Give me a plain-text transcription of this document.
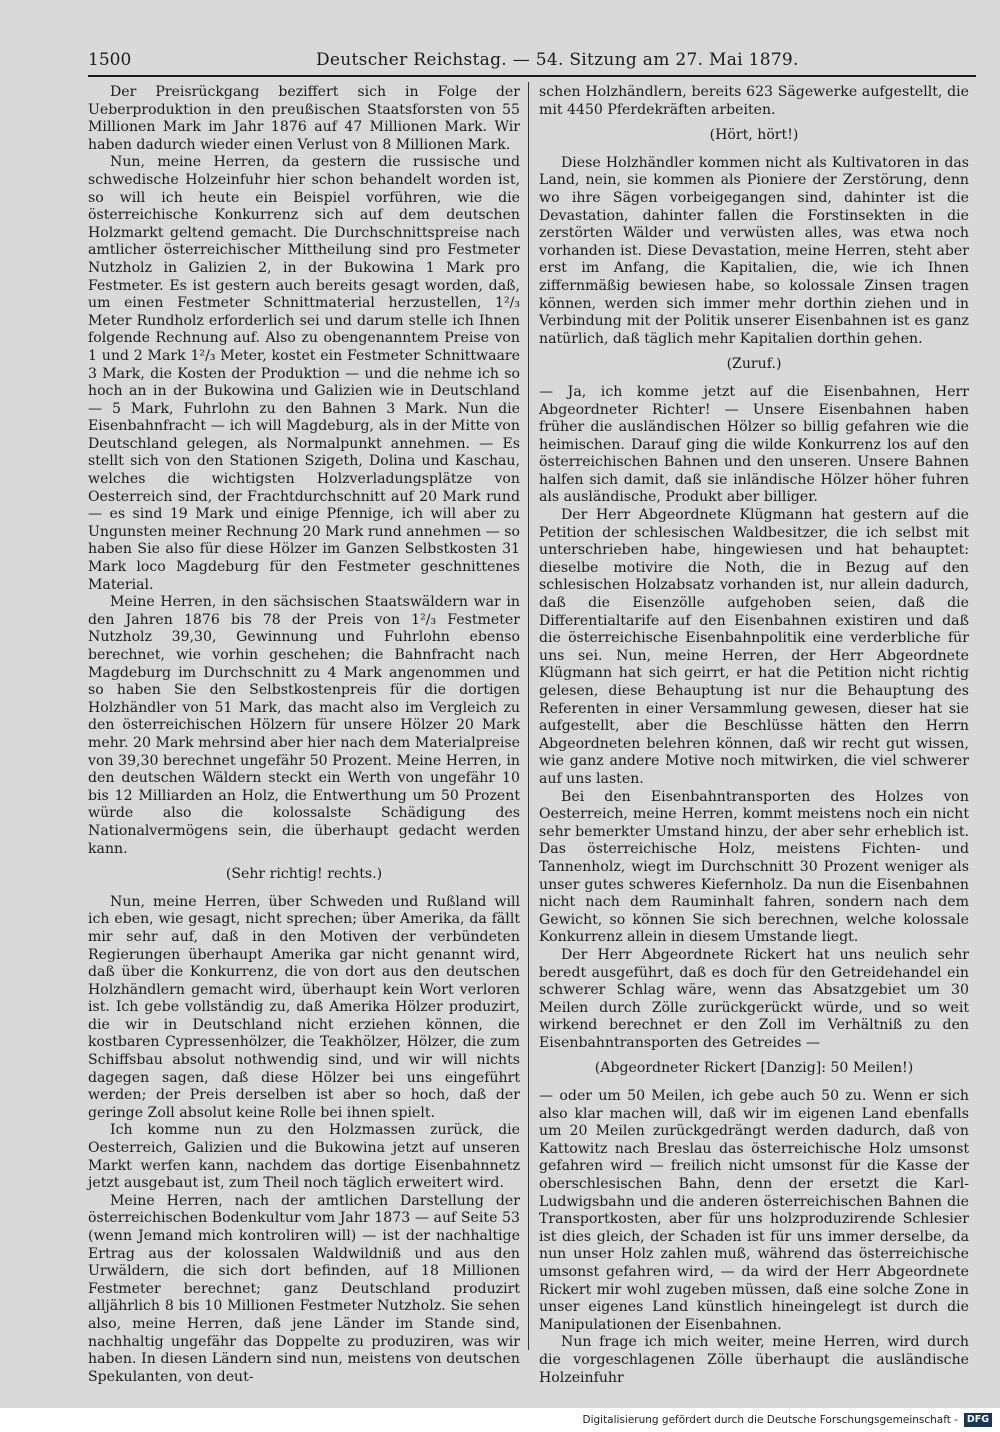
1500	Deutscher Reichstag. — 54. Sitzung am 27. Mai 1879.

Der Preisrückgang beziffert sich in Folge der Ueberproduktion in den preußischen Staatsforsten von 55 Millionen Mark im Jahr 1876 auf 47 Millionen Mark. Wir haben dadurch wieder einen Verlust von 8 Millionen Mark.

Nun, meine Herren, da gestern die russische und schwedische Holzeinfuhr hier schon behandelt worden ist, so will ich heute ein Beispiel vorführen, wie die österreichische Konkurrenz sich auf dem deutschen Holzmarkt geltend gemacht. Die Durchschnittspreise nach amtlicher österreichischer Mittheilung sind pro Festmeter Nutzholz in Galizien 2, in der Bukowina 1 Mark pro Festmeter. Es ist gestern auch bereits gesagt worden, daß, um einen Festmeter Schnittmaterial herzustellen, 1²/₃ Meter Rundholz erforderlich sei und darum stelle ich Ihnen folgende Rechnung auf. Also zu obengenanntem Preise von 1 und 2 Mark 1²/₃ Meter, kostet ein Festmeter Schnittwaare 3 Mark, die Kosten der Produktion — und die nehme ich so hoch an in der Bukowina und Galizien wie in Deutschland — 5 Mark, Fuhrlohn zu den Bahnen 3 Mark. Nun die Eisenbahnfracht — ich will Magdeburg, als in der Mitte von Deutschland gelegen, als Normalpunkt annehmen. — Es stellt sich von den Stationen Szigeth, Dolina und Kaschau, welches die wichtigsten Holzverladungsplätze von Oesterreich sind, der Frachtdurchschnitt auf 20 Mark rund — es sind 19 Mark und einige Pfennige, ich will aber zu Ungunsten meiner Rechnung 20 Mark rund annehmen — so haben Sie also für diese Hölzer im Ganzen Selbstkosten 31 Mark loco Magdeburg für den Festmeter geschnittenes Material.

Meine Herren, in den sächsischen Staatswäldern war in den Jahren 1876 bis 78 der Preis von 1²/₃ Festmeter Nutzholz 39,30, Gewinnung und Fuhrlohn ebenso berechnet, wie vorhin geschehen; die Bahnfracht nach Magdeburg im Durchschnitt zu 4 Mark angenommen und so haben Sie den Selbstkostenpreis für die dortigen Holzhändler von 51 Mark, das macht also im Vergleich zu den österreichischen Hölzern für unsere Hölzer 20 Mark mehr. 20 Mark mehrsind aber hier nach dem Materialpreise von 39,30 berechnet ungefähr 50 Prozent. Meine Herren, in den deutschen Wäldern steckt ein Werth von ungefähr 10 bis 12 Milliarden an Holz, die Entwerthung um 50 Prozent würde also die kolossalste Schädigung des Nationalvermögens sein, die überhaupt gedacht werden kann.

(Sehr richtig! rechts.)

Nun, meine Herren, über Schweden und Rußland will ich eben, wie gesagt, nicht sprechen; über Amerika, da fällt mir sehr auf, daß in den Motiven der verbündeten Regierungen überhaupt Amerika gar nicht genannt wird, daß über die Konkurrenz, die von dort aus den deutschen Holzhändlern gemacht wird, überhaupt kein Wort verloren ist. Ich gebe vollständig zu, daß Amerika Hölzer produzirt, die wir in Deutschland nicht erziehen können, die kostbaren Cypressenhölzer, die Teakhölzer, Hölzer, die zum Schiffsbau absolut nothwendig sind, und wir will nichts dagegen sagen, daß diese Hölzer bei uns eingeführt werden; der Preis derselben ist aber so hoch, daß der geringe Zoll absolut keine Rolle bei ihnen spielt.

Ich komme nun zu den Holzmassen zurück, die Oesterreich, Galizien und die Bukowina jetzt auf unseren Markt werfen kann, nachdem das dortige Eisenbahnnetz jetzt ausgebaut ist, zum Theil noch täglich erweitert wird.

Meine Herren, nach der amtlichen Darstellung der österreichischen Bodenkultur vom Jahr 1873 — auf Seite 53 (wenn Jemand mich kontroliren will) — ist der nachhaltige Ertrag aus der kolossalen Waldwildniß und aus den Urwäldern, die sich dort befinden, auf 18 Millionen Festmeter berechnet; ganz Deutschland produzirt alljährlich 8 bis 10 Millionen Festmeter Nutzholz. Sie sehen also, meine Herren, daß jene Länder im Stande sind, nachhaltig ungefähr das Doppelte zu produziren, was wir haben. In diesen Ländern sind nun, meistens von deutschen Spekulanten, von deut-

schen Holzhändlern, bereits 623 Sägewerke aufgestellt, die mit 4450 Pferdekräften arbeiten.

(Hört, hört!)

Diese Holzhändler kommen nicht als Kultivatoren in das Land, nein, sie kommen als Pioniere der Zerstörung, denn wo ihre Sägen vorbeigegangen sind, dahinter ist die Devastation, dahinter fallen die Forstinsekten in die zerstörten Wälder und verwüsten alles, was etwa noch vorhanden ist. Diese Devastation, meine Herren, steht aber erst im Anfang, die Kapitalien, die, wie ich Ihnen ziffernmäßig bewiesen habe, so kolossale Zinsen tragen können, werden sich immer mehr dorthin ziehen und in Verbindung mit der Politik unserer Eisenbahnen ist es ganz natürlich, daß täglich mehr Kapitalien dorthin gehen.

(Zuruf.)

— Ja, ich komme jetzt auf die Eisenbahnen, Herr Abgeordneter Richter! — Unsere Eisenbahnen haben früher die ausländischen Hölzer so billig gefahren wie die heimischen. Darauf ging die wilde Konkurrenz los auf den österreichischen Bahnen und den unseren. Unsere Bahnen halfen sich damit, daß sie inländische Hölzer höher fuhren als ausländische, Produkt aber billiger.

Der Herr Abgeordnete Klügmann hat gestern auf die Petition der schlesischen Waldbesitzer, die ich selbst mit unterschrieben habe, hingewiesen und hat behauptet: dieselbe motivire die Noth, die in Bezug auf den schlesischen Holzabsatz vorhanden ist, nur allein dadurch, daß die Eisenzölle aufgehoben seien, daß die Differentialtarife auf den Eisenbahnen existiren und daß die österreichische Eisenbahnpolitik eine verderbliche für uns sei. Nun, meine Herren, der Herr Abgeordnete Klügmann hat sich geirrt, er hat die Petition nicht richtig gelesen, diese Behauptung ist nur die Behauptung des Referenten in einer Versammlung gewesen, dieser hat sie aufgestellt, aber die Beschlüsse hätten den Herrn Abgeordneten belehren können, daß wir recht gut wissen, wie ganz andere Motive noch mitwirken, die viel schwerer auf uns lasten.

Bei den Eisenbahntransporten des Holzes von Oesterreich, meine Herren, kommt meistens noch ein nicht sehr bemerkter Umstand hinzu, der aber sehr erheblich ist. Das österreichische Holz, meistens Fichten- und Tannenholz, wiegt im Durchschnitt 30 Prozent weniger als unser gutes schweres Kiefernholz. Da nun die Eisenbahnen nicht nach dem Rauminhalt fahren, sondern nach dem Gewicht, so können Sie sich berechnen, welche kolossale Konkurrenz allein in diesem Umstande liegt.

Der Herr Abgeordnete Rickert hat uns neulich sehr beredt ausgeführt, daß es doch für den Getreidehandel ein schwerer Schlag wäre, wenn das Absatzgebiet um 30 Meilen durch Zölle zurückgerückt würde, und so weit wirkend berechnet er den Zoll im Verhältniß zu den Eisenbahntransporten des Getreides —

(Abgeordneter Rickert [Danzig]: 50 Meilen!)

— oder um 50 Meilen, ich gebe auch 50 zu. Wenn er sich also klar machen will, daß wir im eigenen Land ebenfalls um 20 Meilen zurückgedrängt werden dadurch, daß von Kattowitz nach Breslau das österreichische Holz umsonst gefahren wird — freilich nicht umsonst für die Kasse der oberschlesischen Bahn, denn der ersetzt die Karl-Ludwigsbahn und die anderen österreichischen Bahnen die Transportkosten, aber für uns holzproduzirende Schlesier ist dies gleich, der Schaden ist für uns immer derselbe, da nun unser Holz zahlen muß, während das österreichische umsonst gefahren wird, — da wird der Herr Abgeordnete Rickert mir wohl zugeben müssen, daß eine solche Zone in unser eigenes Land künstlich hineingelegt ist durch die Manipulationen der Eisenbahnen.

Nun frage ich mich weiter, meine Herren, wird durch die vorgeschlagenen Zölle überhaupt die ausländische Holzeinfuhr

Digitalisierung gefördert durch die Deutsche Forschungsgemeinschaft - DFG
